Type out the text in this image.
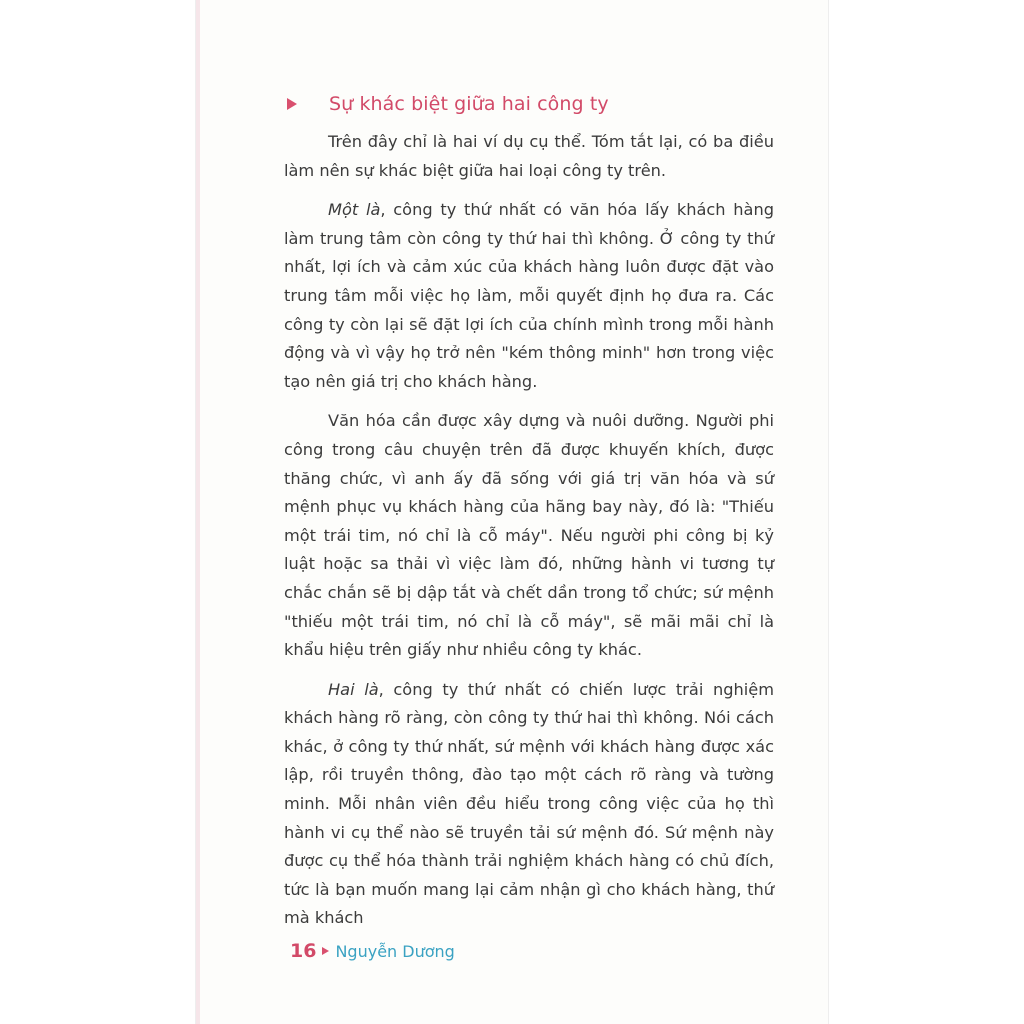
Sự khác biệt giữa hai công ty

Trên đây chỉ là hai ví dụ cụ thể. Tóm tắt lại, có ba điều làm nên sự khác biệt giữa hai loại công ty trên.

Một là, công ty thứ nhất có văn hóa lấy khách hàng làm trung tâm còn công ty thứ hai thì không. Ở công ty thứ nhất, lợi ích và cảm xúc của khách hàng luôn được đặt vào trung tâm mỗi việc họ làm, mỗi quyết định họ đưa ra. Các công ty còn lại sẽ đặt lợi ích của chính mình trong mỗi hành động và vì vậy họ trở nên "kém thông minh" hơn trong việc tạo nên giá trị cho khách hàng.

Văn hóa cần được xây dựng và nuôi dưỡng. Người phi công trong câu chuyện trên đã được khuyến khích, được thăng chức, vì anh ấy đã sống với giá trị văn hóa và sứ mệnh phục vụ khách hàng của hãng bay này, đó là: "Thiếu một trái tim, nó chỉ là cỗ máy". Nếu người phi công bị kỷ luật hoặc sa thải vì việc làm đó, những hành vi tương tự chắc chắn sẽ bị dập tắt và chết dần trong tổ chức; sứ mệnh "thiếu một trái tim, nó chỉ là cỗ máy", sẽ mãi mãi chỉ là khẩu hiệu trên giấy như nhiều công ty khác.

Hai là, công ty thứ nhất có chiến lược trải nghiệm khách hàng rõ ràng, còn công ty thứ hai thì không. Nói cách khác, ở công ty thứ nhất, sứ mệnh với khách hàng được xác lập, rồi truyền thông, đào tạo một cách rõ ràng và tường minh. Mỗi nhân viên đều hiểu trong công việc của họ thì hành vi cụ thể nào sẽ truyền tải sứ mệnh đó. Sứ mệnh này được cụ thể hóa thành trải nghiệm khách hàng có chủ đích, tức là bạn muốn mang lại cảm nhận gì cho khách hàng, thứ mà khách

16 Nguyễn Dương
